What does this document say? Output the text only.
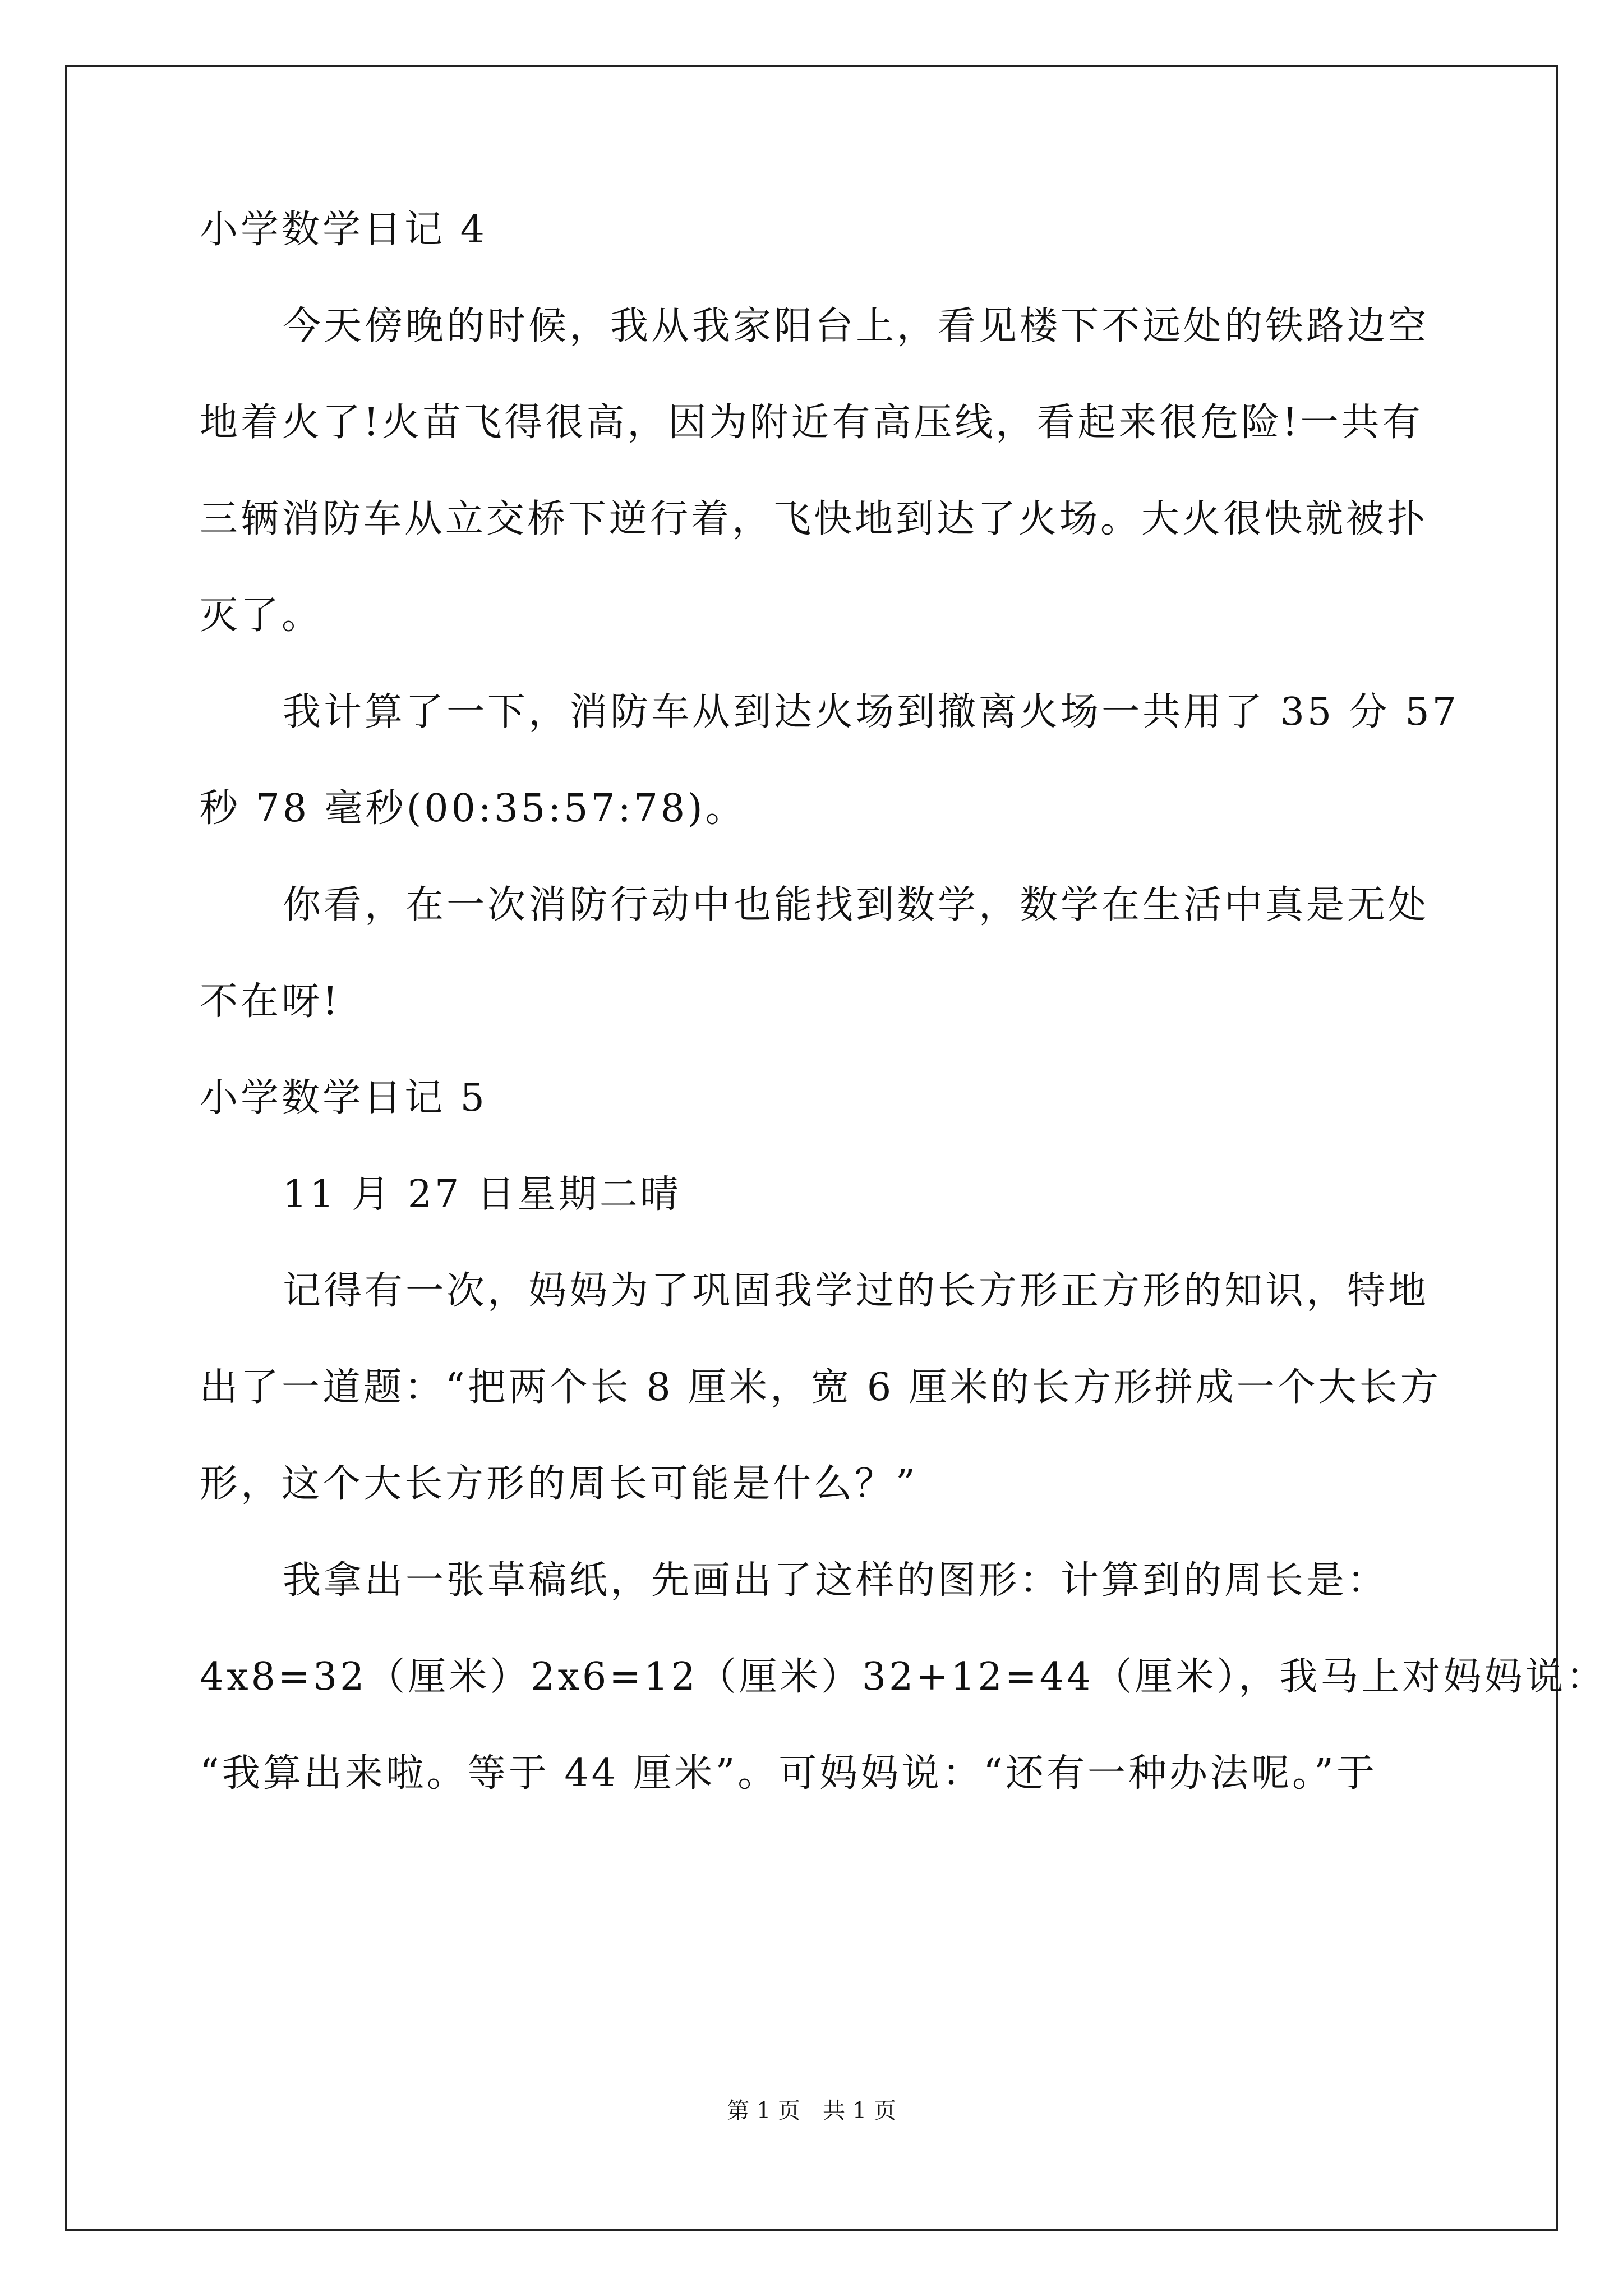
小学数学日记 4
今天傍晚的时候，我从我家阳台上，看见楼下不远处的铁路边空
地着火了!火苗飞得很高，因为附近有高压线，看起来很危险!一共有
三辆消防车从立交桥下逆行着，飞快地到达了火场。大火很快就被扑
灭了。
我计算了一下，消防车从到达火场到撤离火场一共用了 35 分 57
秒 78 毫秒(00:35:57:78)。
你看，在一次消防行动中也能找到数学，数学在生活中真是无处
不在呀!
小学数学日记 5
11 月 27 日星期二晴
记得有一次，妈妈为了巩固我学过的长方形正方形的知识，特地
出了一道题：“把两个长 8 厘米，宽 6 厘米的长方形拼成一个大长方
形，这个大长方形的周长可能是什么？”
我拿出一张草稿纸，先画出了这样的图形：计算到的周长是：
4x8=32（厘米）2x6=12（厘米）32+12=44（厘米），我马上对妈妈说：
“我算出来啦。等于 44 厘米”。可妈妈说：“还有一种办法呢。”于
第 1 页　共 1 页
